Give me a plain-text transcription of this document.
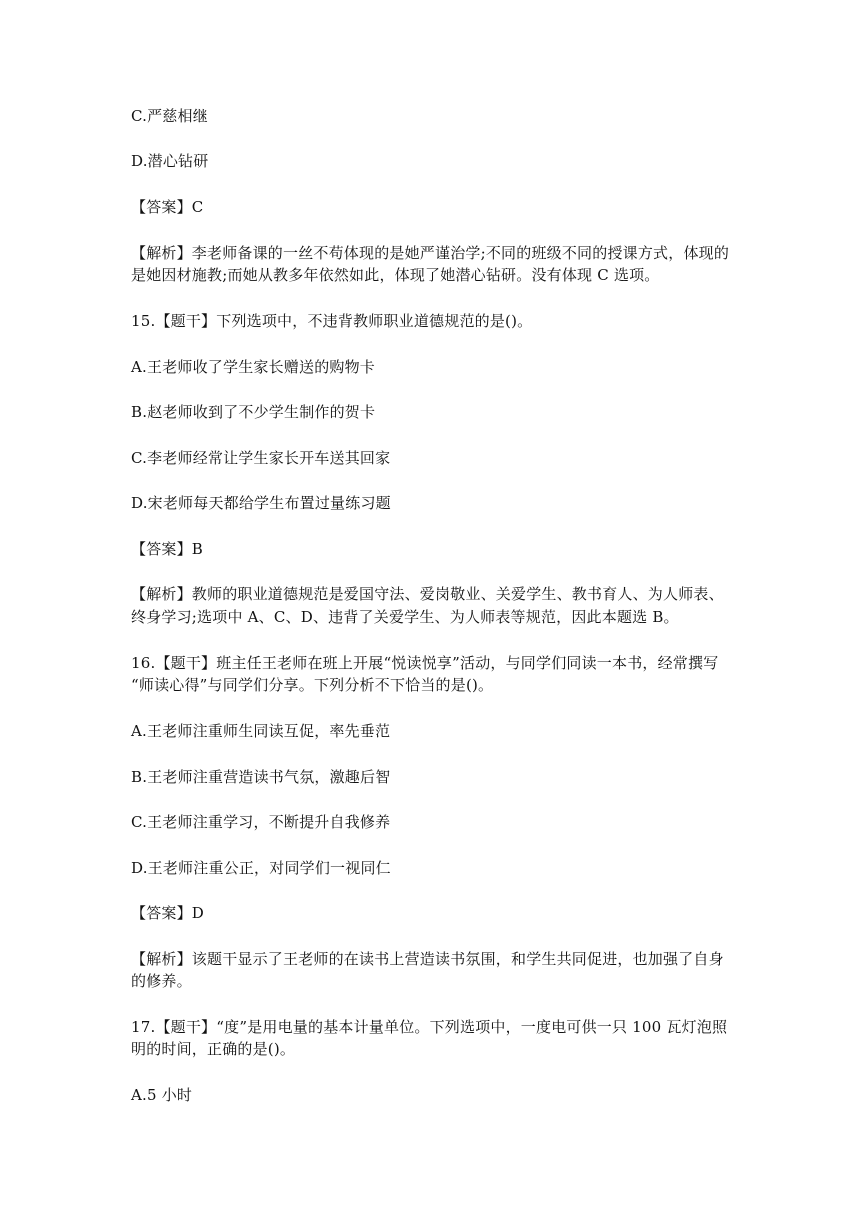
C.严慈相继
D.潜心钻研
【答案】C
【解析】李老师备课的一丝不苟体现的是她严谨治学;不同的班级不同的授课方式，体现的
是她因材施教;而她从教多年依然如此，体现了她潜心钻研。没有体现 C 选项。
15.【题干】下列选项中，不违背教师职业道德规范的是()。
A.王老师收了学生家长赠送的购物卡
B.赵老师收到了不少学生制作的贺卡
C.李老师经常让学生家长开车送其回家
D.宋老师每天都给学生布置过量练习题
【答案】B
【解析】教师的职业道德规范是爱国守法、爱岗敬业、关爱学生、教书育人、为人师表、
终身学习;选项中 A、C、D、违背了关爱学生、为人师表等规范，因此本题选 B。
16.【题干】班主任王老师在班上开展“悦读悦享”活动，与同学们同读一本书，经常撰写
“师读心得”与同学们分享。下列分析不下恰当的是()。
A.王老师注重师生同读互促，率先垂范
B.王老师注重营造读书气氛，激趣后智
C.王老师注重学习，不断提升自我修养
D.王老师注重公正，对同学们一视同仁
【答案】D
【解析】该题干显示了王老师的在读书上营造读书氛围，和学生共同促进，也加强了自身
的修养。
17.【题干】“度”是用电量的基本计量单位。下列选项中，一度电可供一只 100 瓦灯泡照
明的时间，正确的是()。
A.5 小时
